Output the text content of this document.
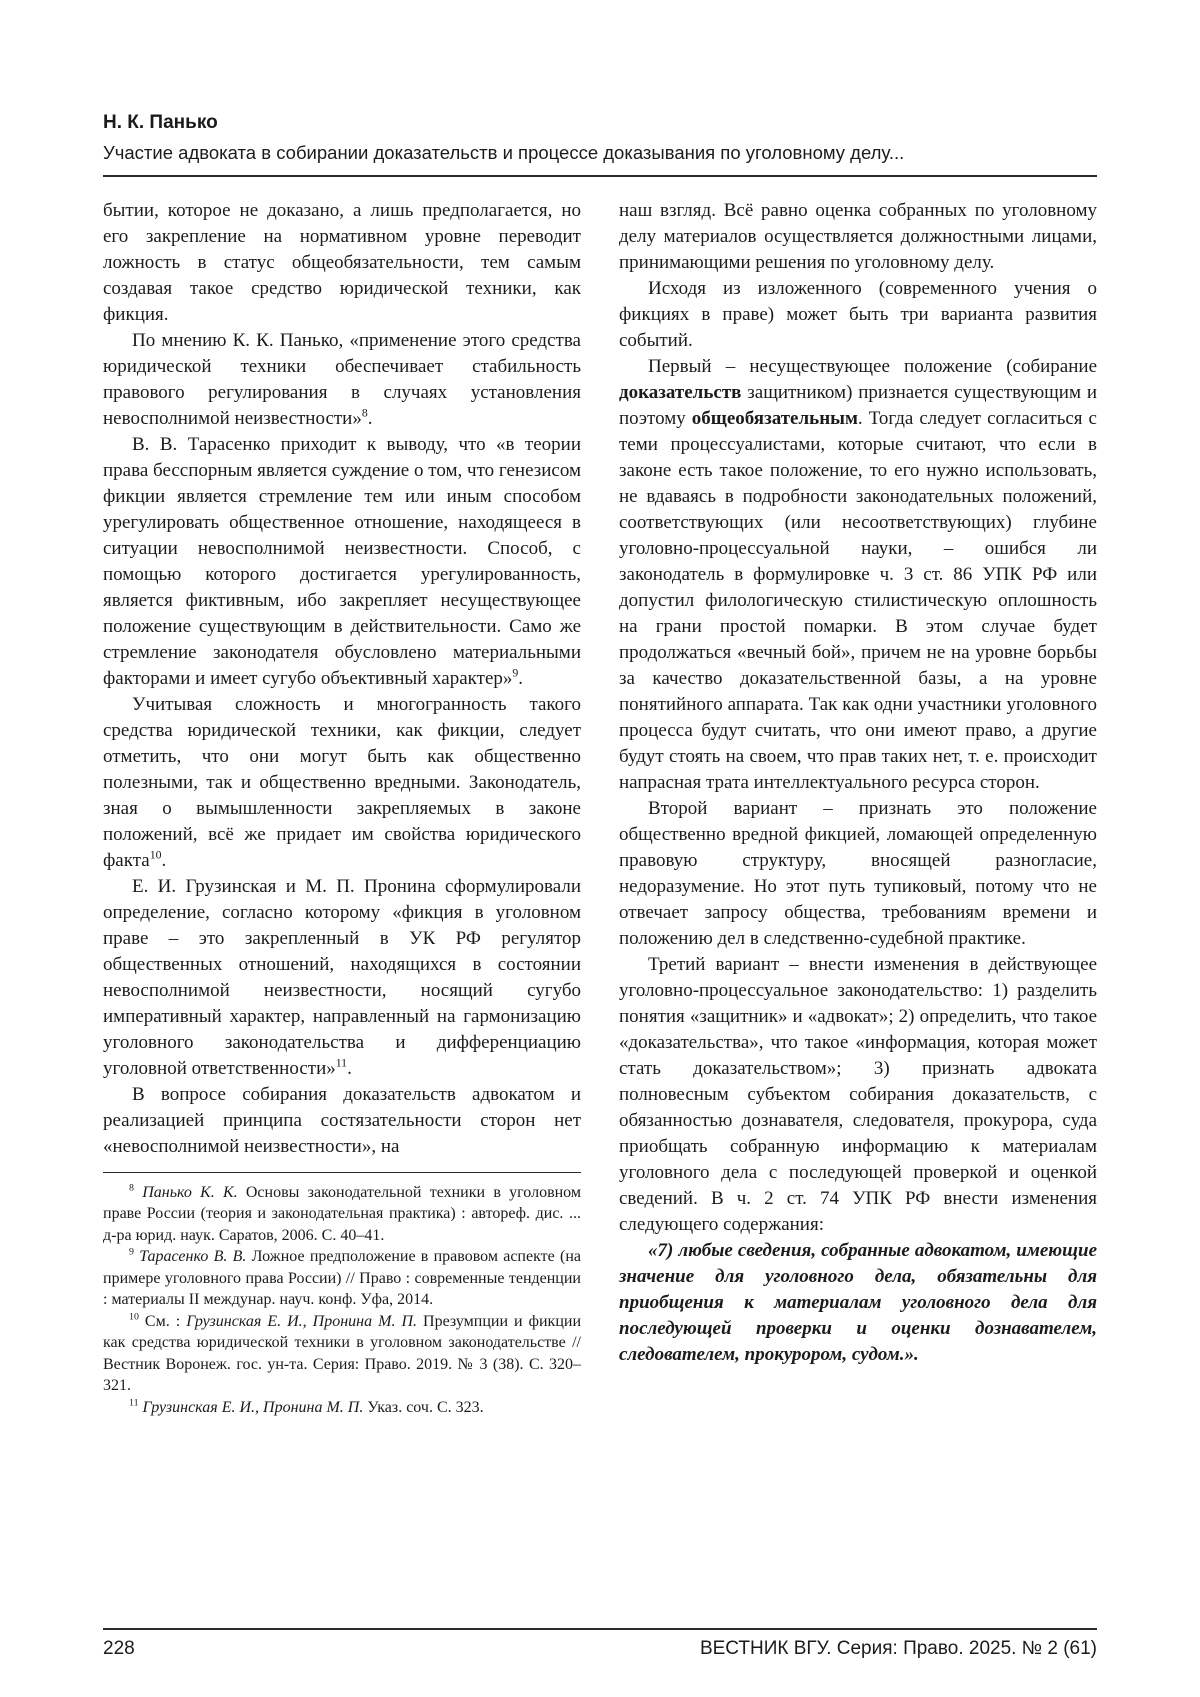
Н. К. Панько
Участие адвоката в собирании доказательств и процессе доказывания по уголовному делу...

бытии, которое не доказано, а лишь предполагается, но его закрепление на нормативном уровне переводит ложность в статус общеобязательности, тем самым создавая такое средство юридической техники, как фикция.

По мнению К. К. Панько, «применение этого средства юридической техники обеспечивает стабильность правового регулирования в случаях установления невосполнимой неизвестности»$^8$.

В. В. Тарасенко приходит к выводу, что «в теории права бесспорным является суждение о том, что генезисом фикции является стремление тем или иным способом урегулировать общественное отношение, находящееся в ситуации невосполнимой неизвестности. Способ, с помощью которого достигается урегулированность, является фиктивным, ибо закрепляет несуществующее положение существующим в действительности. Само же стремление законодателя обусловлено материальными факторами и имеет сугубо объективный характер»$^9$.

Учитывая сложность и многогранность такого средства юридической техники, как фикции, следует отметить, что они могут быть как общественно полезными, так и общественно вредными. Законодатель, зная о вымышленности закрепляемых в законе положений, всё же придает им свойства юридического факта$^{10}$.

Е. И. Грузинская и М. П. Пронина сформулировали определение, согласно которому «фикция в уголовном праве – это закрепленный в УК РФ регулятор общественных отношений, находящихся в состоянии невосполнимой неизвестности, носящий сугубо императивный характер, направленный на гармонизацию уголовного законодательства и дифференциацию уголовной ответственности»$^{11}$.

В вопросе собирания доказательств адвокатом и реализацией принципа состязательности сторон нет «невосполнимой неизвестности», на

$^8$ Панько К. К. Основы законодательной техники в уголовном праве России (теория и законодательная практика) : автореф. дис. ... д-ра юрид. наук. Саратов, 2006. С. 40–41.

$^9$ Тарасенко В. В. Ложное предположение в правовом аспекте (на примере уголовного права России) // Право : современные тенденции : материалы II междунар. науч. конф. Уфа, 2014.

$^{10}$ См. : Грузинская Е. И., Пронина М. П. Презумпции и фикции как средства юридической техники в уголовном законодательстве // Вестник Воронеж. гос. ун-та. Серия: Право. 2019. № 3 (38). С. 320–321.

$^{11}$ Грузинская Е. И., Пронина М. П. Указ. соч. С. 323.

наш взгляд. Всё равно оценка собранных по уголовному делу материалов осуществляется должностными лицами, принимающими решения по уголовному делу.

Исходя из изложенного (современного учения о фикциях в праве) может быть три варианта развития событий.

Первый – несуществующее положение (собирание доказательств защитником) признается существующим и поэтому общеобязательным. Тогда следует согласиться с теми процессуалистами, которые считают, что если в законе есть такое положение, то его нужно использовать, не вдаваясь в подробности законодательных положений, соответствующих (или несоответствующих) глубине уголовно-процессуальной науки, – ошибся ли законодатель в формулировке ч. 3 ст. 86 УПК РФ или допустил филологическую стилистическую оплошность на грани простой помарки. В этом случае будет продолжаться «вечный бой», причем не на уровне борьбы за качество доказательственной базы, а на уровне понятийного аппарата. Так как одни участники уголовного процесса будут считать, что они имеют право, а другие будут стоять на своем, что прав таких нет, т. е. происходит напрасная трата интеллектуального ресурса сторон.

Второй вариант – признать это положение общественно вредной фикцией, ломающей определенную правовую структуру, вносящей разногласие, недоразумение. Но этот путь тупиковый, потому что не отвечает запросу общества, требованиям времени и положению дел в следственно-судебной практике.

Третий вариант – внести изменения в действующее уголовно-процессуальное законодательство: 1) разделить понятия «защитник» и «адвокат»; 2) определить, что такое «доказательства», что такое «информация, которая может стать доказательством»; 3) признать адвоката полновесным субъектом собирания доказательств, с обязанностью дознавателя, следователя, прокурора, суда приобщать собранную информацию к материалам уголовного дела с последующей проверкой и оценкой сведений. В ч. 2 ст. 74 УПК РФ внести изменения следующего содержания:

«7) любые сведения, собранные адвокатом, имеющие значение для уголовного дела, обязательны для приобщения к материалам уголовного дела для последующей проверки и оценки дознавателем, следователем, прокурором, судом.».

228	ВЕСТНИК ВГУ. Серия: Право. 2025. № 2 (61)
